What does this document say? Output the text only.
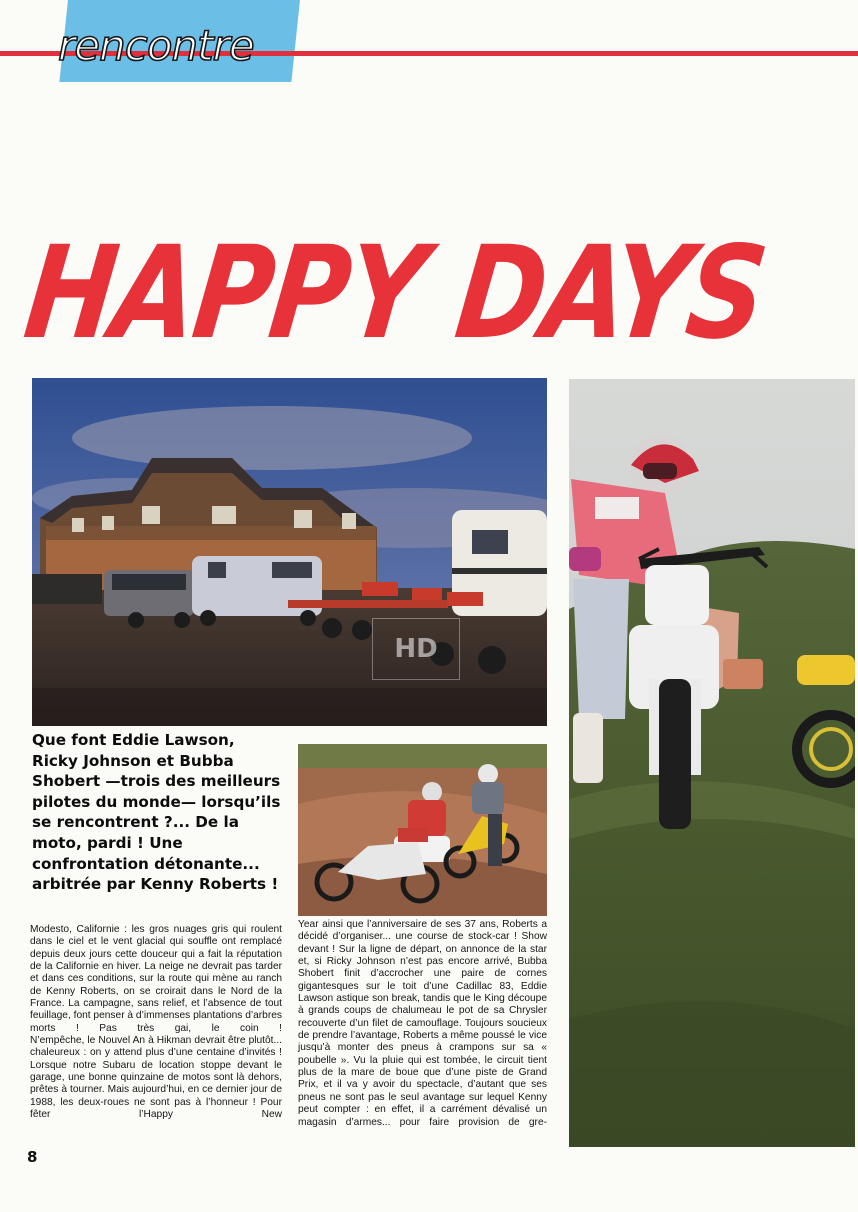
rencontre
HAPPY DAYS
HD
Que font Eddie Lawson, Ricky Johnson et Bubba Shobert —trois des meilleurs pilotes du monde— lorsqu’ils se rencontrent ?... De la moto, pardi ! Une confrontation détonante... arbitrée par Kenny Roberts !

Modesto, Californie : les gros nuages gris qui roulent dans le ciel et le vent glacial qui souffle ont remplacé depuis deux jours cette douceur qui a fait la réputation de la Californie en hiver. La neige ne devrait pas tarder et dans ces conditions, sur la route qui mène au ranch de Kenny Roberts, on se croirait dans le Nord de la France. La campagne, sans relief, et l’absence de tout feuillage, font penser à d’immenses plantations d’arbres morts ! Pas très gai, le coin !

N’empêche, le Nouvel An à Hikman devrait être plutôt... chaleureux : on y attend plus d’une centaine d’invités !

Lorsque notre Subaru de location stoppe devant le garage, une bonne quinzaine de motos sont là dehors, prêtes à tourner. Mais aujourd’hui, en ce dernier jour de 1988, les deux-roues ne sont pas à l’honneur ! Pour fêter l’Happy New

Year ainsi que l’anniversaire de ses 37 ans, Roberts a décidé d’organiser... une course de stock-car ! Show devant ! Sur la ligne de départ, on annonce de la star et, si Ricky Johnson n’est pas encore arrivé, Bubba Shobert finit d’accrocher une paire de cornes gigantesques sur le toit d’une Cadillac 83, Eddie Lawson astique son break, tandis que le King découpe à grands coups de chalumeau le pot de sa Chrysler recouverte d’un filet de camouflage. Toujours soucieux de prendre l’avantage, Roberts a même poussé le vice jusqu’à monter des pneus à crampons sur sa « poubelle ». Vu la pluie qui est tombée, le circuit tient plus de la mare de boue que d’une piste de Grand Prix, et il va y avoir du spectacle, d’autant que ses pneus ne sont pas le seul avantage sur lequel Kenny peut compter : en effet, il a carrément dévalisé un magasin d’armes... pour faire provision de gre-

8
